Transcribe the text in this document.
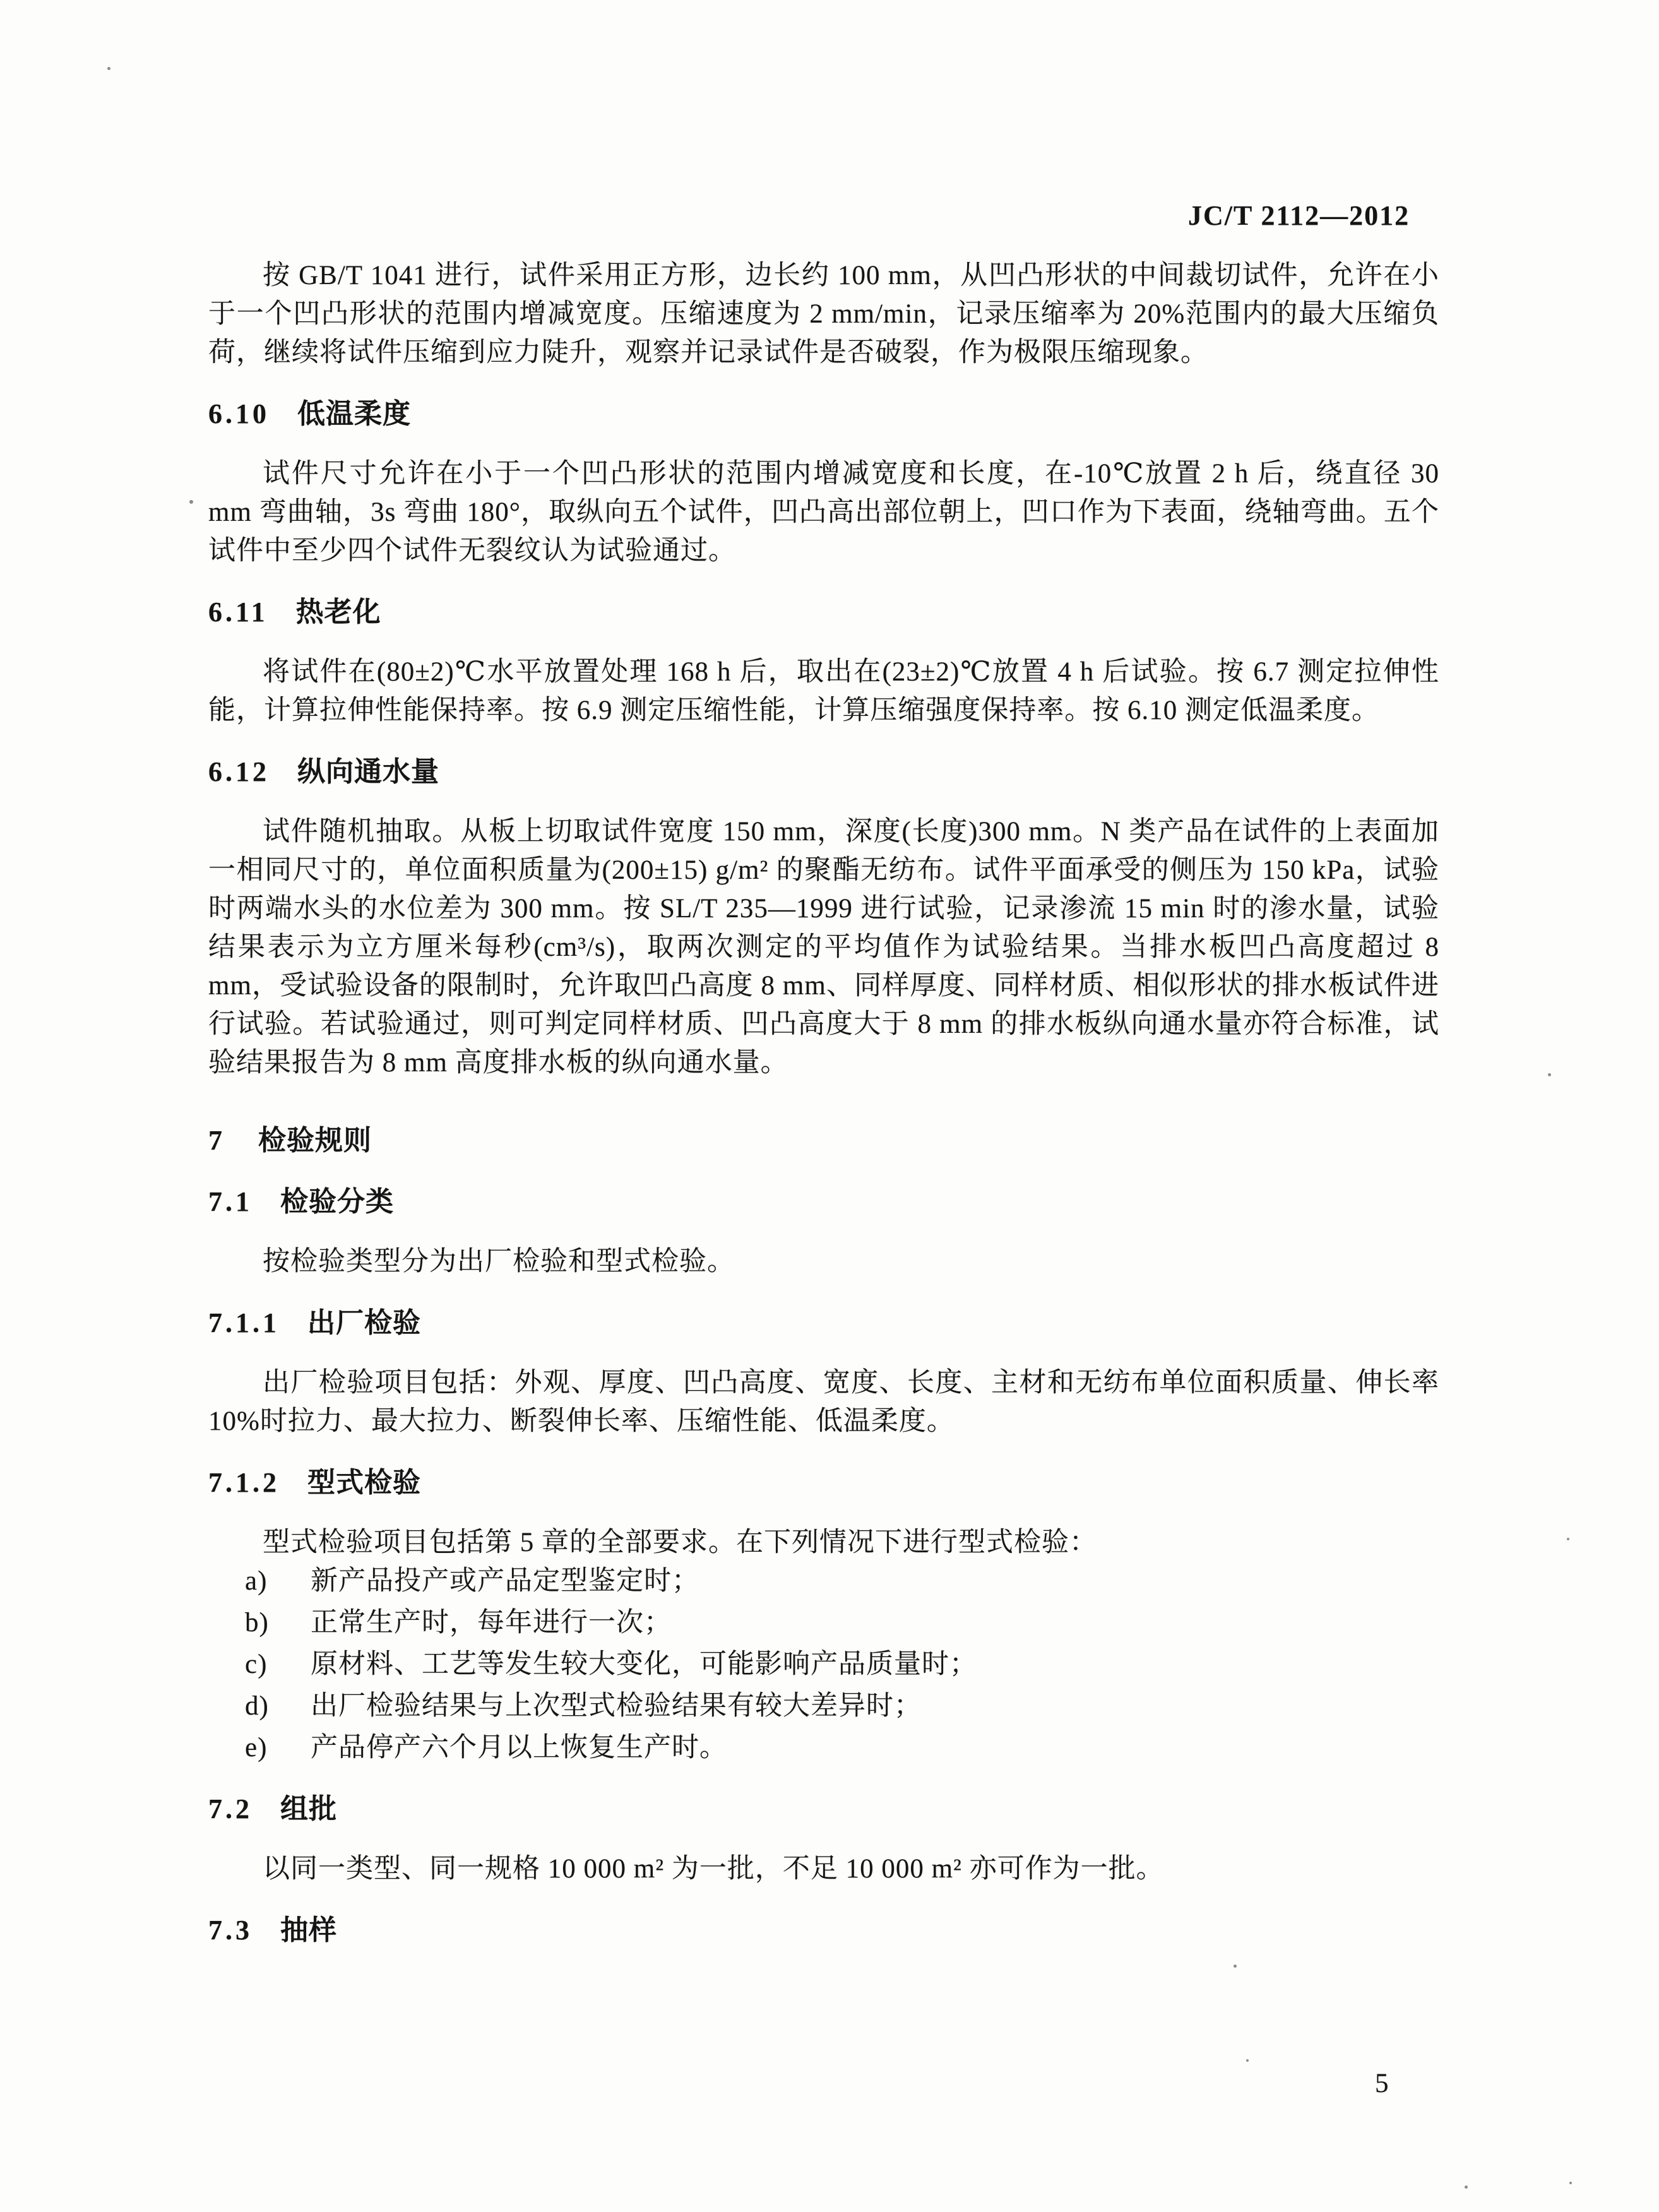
JC/T 2112—2012

按 GB/T 1041 进行，试件采用正方形，边长约 100 mm，从凹凸形状的中间裁切试件，允许在小于一个凹凸形状的范围内增减宽度。压缩速度为 2 mm/min，记录压缩率为 20%范围内的最大压缩负荷，继续将试件压缩到应力陡升，观察并记录试件是否破裂，作为极限压缩现象。

6.10 低温柔度

试件尺寸允许在小于一个凹凸形状的范围内增减宽度和长度，在-10℃放置 2 h 后，绕直径 30 mm 弯曲轴，3s 弯曲 180°，取纵向五个试件，凹凸高出部位朝上，凹口作为下表面，绕轴弯曲。五个试件中至少四个试件无裂纹认为试验通过。

6.11 热老化

将试件在(80±2)℃水平放置处理 168 h 后，取出在(23±2)℃放置 4 h 后试验。按 6.7 测定拉伸性能，计算拉伸性能保持率。按 6.9 测定压缩性能，计算压缩强度保持率。按 6.10 测定低温柔度。

6.12 纵向通水量

试件随机抽取。从板上切取试件宽度 150 mm，深度(长度)300 mm。N 类产品在试件的上表面加一相同尺寸的，单位面积质量为(200±15) g/m² 的聚酯无纺布。试件平面承受的侧压为 150 kPa，试验时两端水头的水位差为 300 mm。按 SL/T 235—1999 进行试验，记录渗流 15 min 时的渗水量，试验结果表示为立方厘米每秒(cm³/s)，取两次测定的平均值作为试验结果。当排水板凹凸高度超过 8 mm，受试验设备的限制时，允许取凹凸高度 8 mm、同样厚度、同样材质、相似形状的排水板试件进行试验。若试验通过，则可判定同样材质、凹凸高度大于 8 mm 的排水板纵向通水量亦符合标准，试验结果报告为 8 mm 高度排水板的纵向通水量。

7 检验规则
7.1 检验分类

按检验类型分为出厂检验和型式检验。

7.1.1 出厂检验

出厂检验项目包括：外观、厚度、凹凸高度、宽度、长度、主材和无纺布单位面积质量、伸长率 10%时拉力、最大拉力、断裂伸长率、压缩性能、低温柔度。

7.1.2 型式检验

型式检验项目包括第 5 章的全部要求。在下列情况下进行型式检验：

a) 新产品投产或产品定型鉴定时；
b) 正常生产时，每年进行一次；
c) 原材料、工艺等发生较大变化，可能影响产品质量时；
d) 出厂检验结果与上次型式检验结果有较大差异时；
e) 产品停产六个月以上恢复生产时。
7.2 组批

以同一类型、同一规格 10 000 m² 为一批，不足 10 000 m² 亦可作为一批。

7.3 抽样
5
